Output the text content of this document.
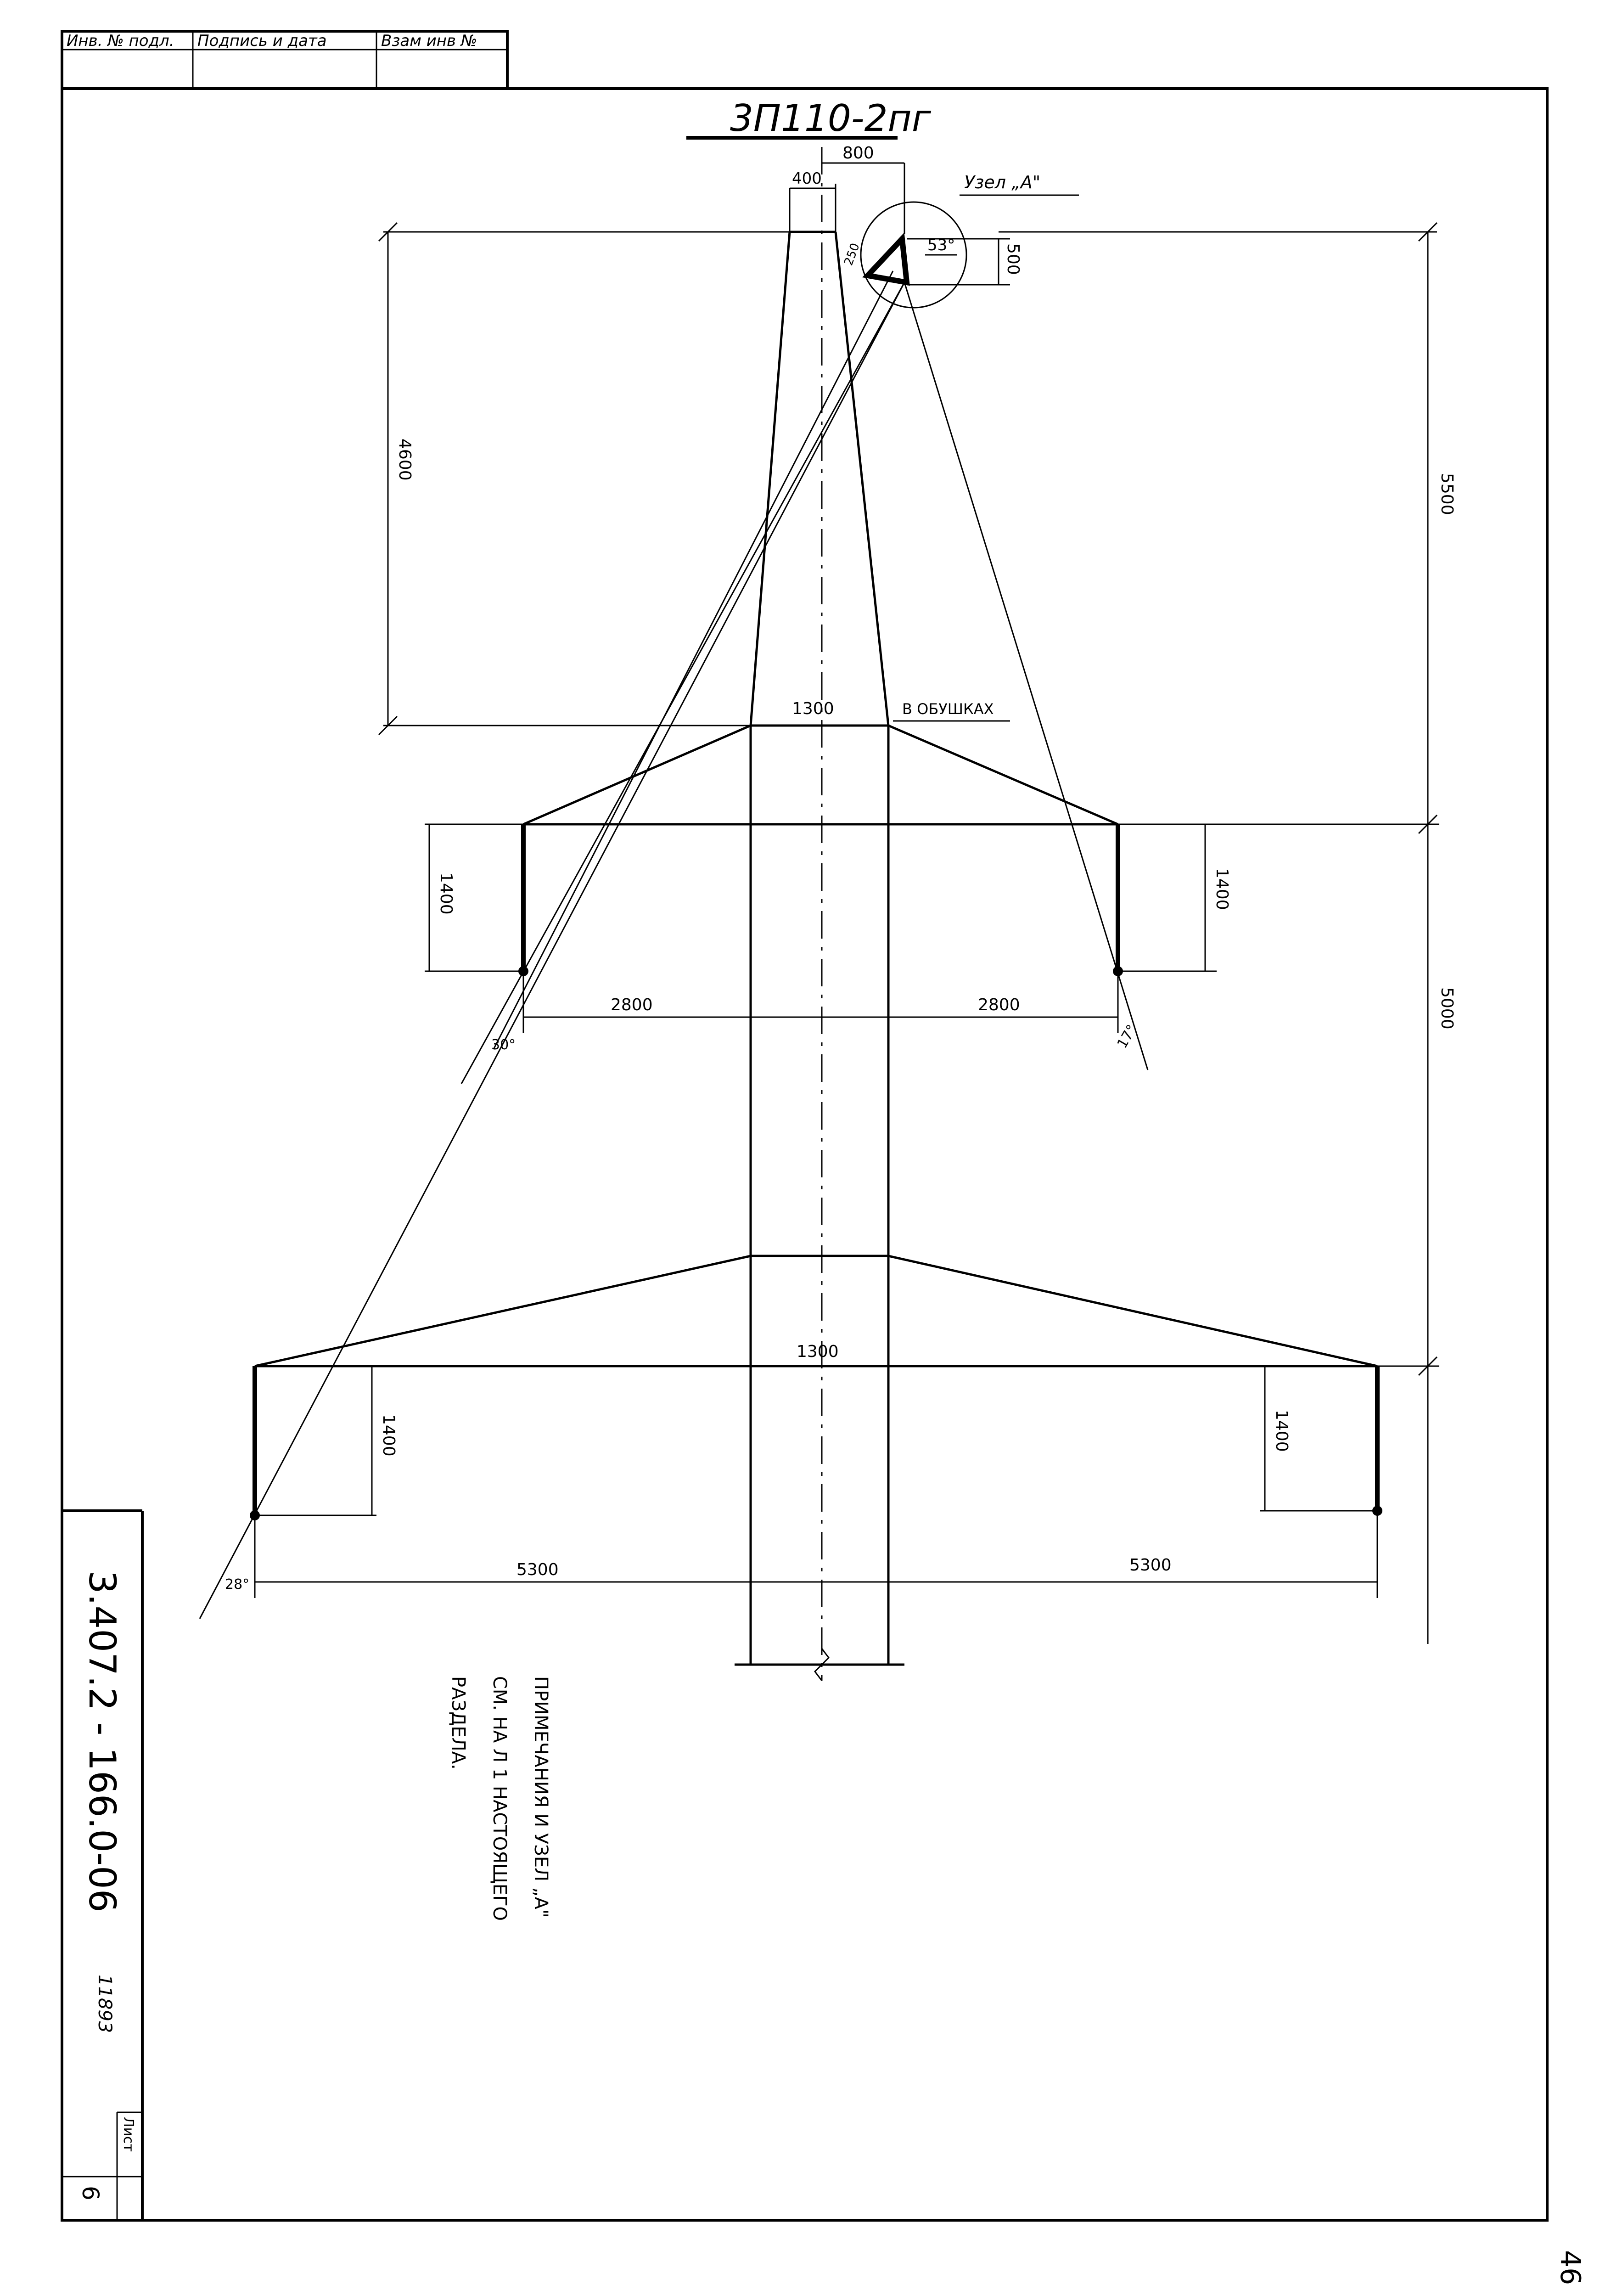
Инв. № подл. Подпись и дата	Взам инв №
3.407.2 - 166.0-06
11893
Лист
6
46
3П110-2пг
Узел „А"
53°
250	500
800
400
4600
5500
5000
1300	В ОБУШКАХ
1400	1400
2800	2800
30°	17°
1300
1400	1400
5300	5300
28°
ПРИМЕЧАНИЯ И УЗЕЛ „А"
СМ. НА Л 1 НАСТОЯЩЕГО
РАЗДЕЛА.
